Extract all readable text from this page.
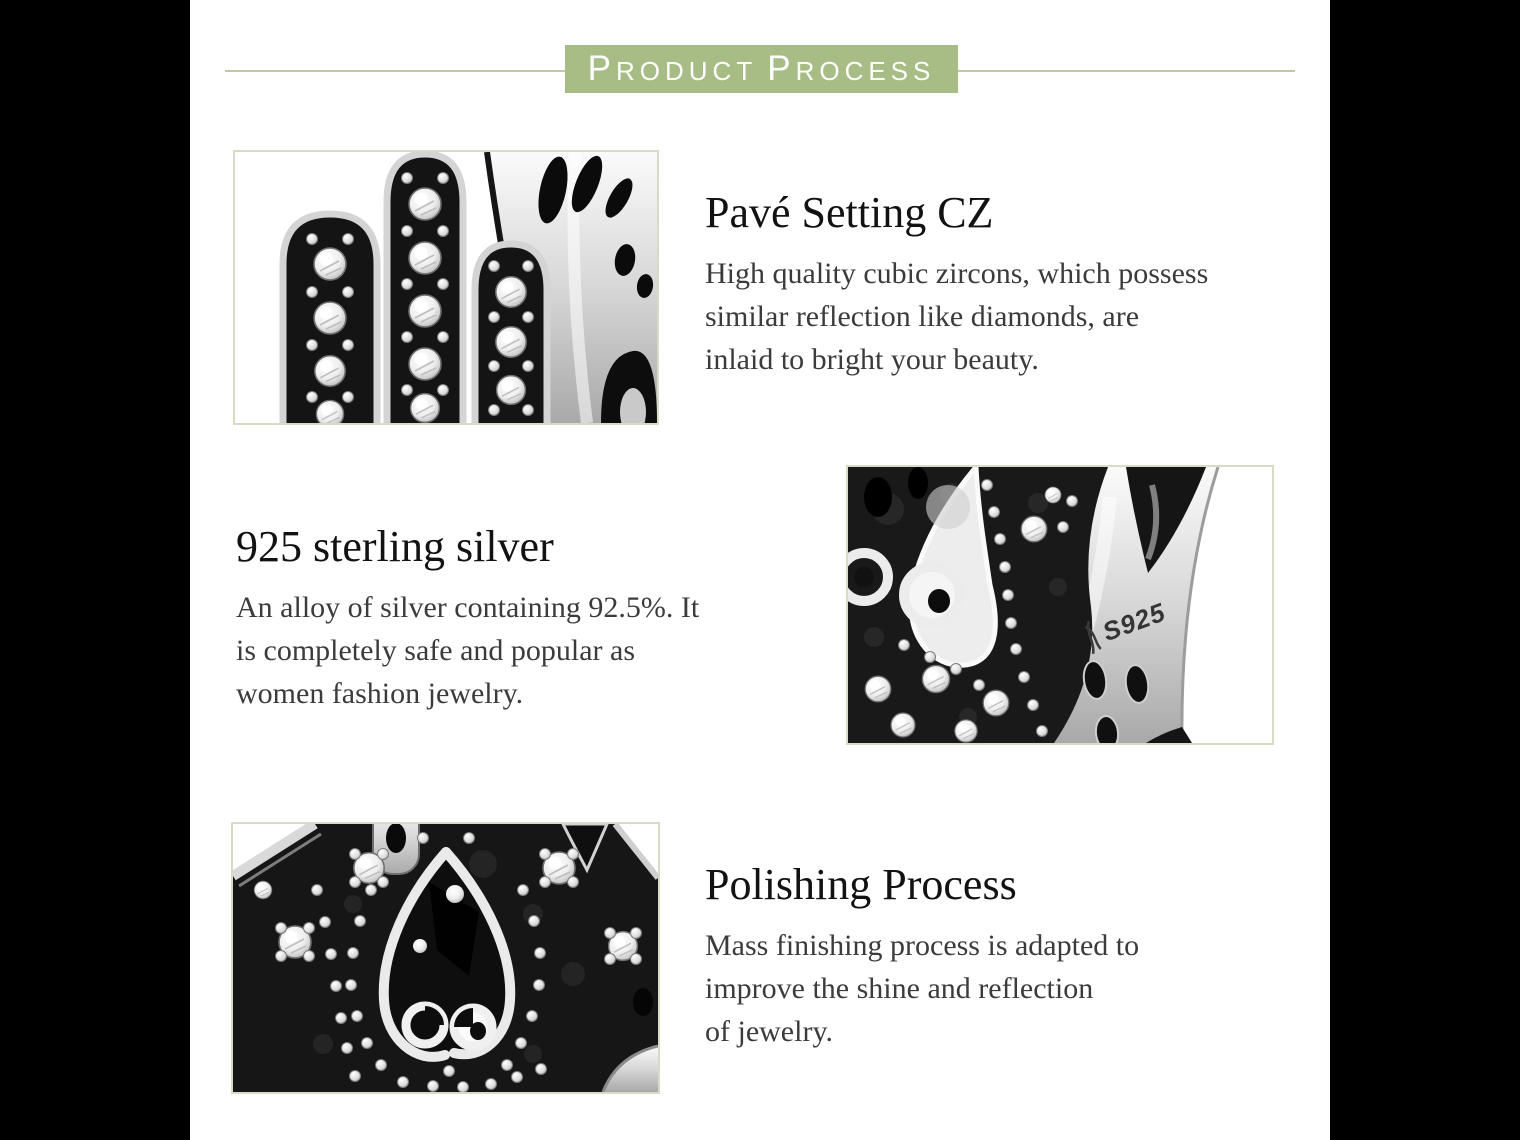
P RODUCT P ROCESS
Pavé Setting CZ
High quality cubic zircons, which possess
similar reflection like diamonds, are
inlaid to bright your beauty.
925 sterling silver
An alloy of silver containing 92.5%. It
is completely safe and popular as
women fashion jewelry.
S925
Polishing Process
Mass finishing process is adapted to
improve the shine and reflection
of jewelry.
